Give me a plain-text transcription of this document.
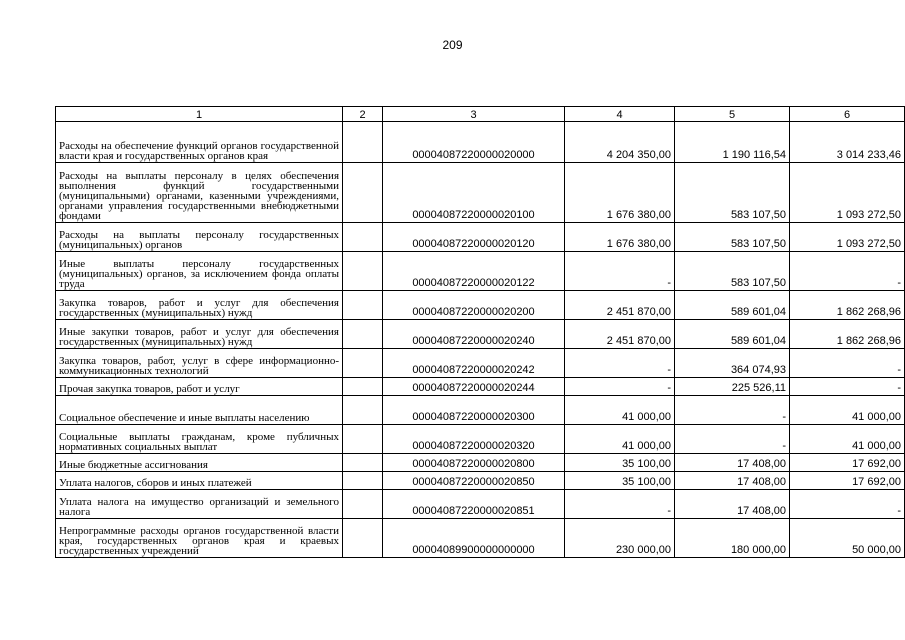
209
1	2	3	4	5	6
Расходы на обеспечение функций органов государственной власти края и государственных органов края		00004087220000020000	4 204 350,00	1 190 116,54	3 014 233,46
Расходы на выплаты персоналу в целях обеспечения выполнения функций государственными (муниципальными) органами, казенными учреждениями, органами управления государственными внебюджетными фондами		00004087220000020100	1 676 380,00	583 107,50	1 093 272,50
Расходы на выплаты персоналу государственных (муниципальных) органов		00004087220000020120	1 676 380,00	583 107,50	1 093 272,50
Иные выплаты персоналу государственных (муниципальных) органов, за исключением фонда оплаты труда		00004087220000020122	-	583 107,50	-
Закупка товаров, работ и услуг для обеспечения государственных (муниципальных) нужд		00004087220000020200	2 451 870,00	589 601,04	1 862 268,96
Иные закупки товаров, работ и услуг для обеспечения государственных (муниципальных) нужд		00004087220000020240	2 451 870,00	589 601,04	1 862 268,96
Закупка товаров, работ, услуг в сфере информационно-коммуникационных технологий		00004087220000020242	-	364 074,93	-
Прочая закупка товаров, работ и услуг		00004087220000020244	-	225 526,11	-
Социальное обеспечение и иные выплаты населению		00004087220000020300	41 000,00	-	41 000,00
Социальные выплаты гражданам, кроме публичных нормативных социальных выплат		00004087220000020320	41 000,00	-	41 000,00
Иные бюджетные ассигнования		00004087220000020800	35 100,00	17 408,00	17 692,00
Уплата налогов, сборов и иных платежей		00004087220000020850	35 100,00	17 408,00	17 692,00
Уплата налога на имущество организаций и земельного налога		00004087220000020851	-	17 408,00	-
Непрограммные расходы органов государственной власти края, государственных органов края и краевых государственных учреждений		00004089900000000000	230 000,00	180 000,00	50 000,00
